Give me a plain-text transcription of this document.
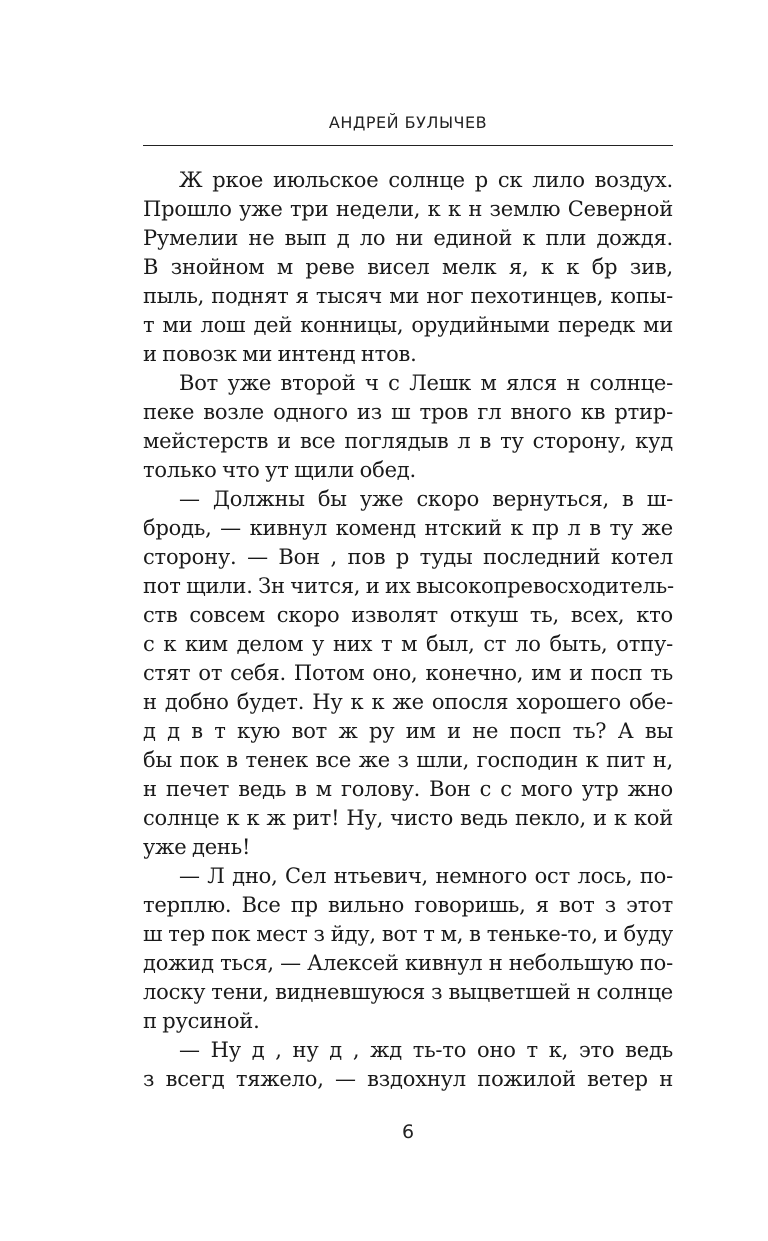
АНДРЕЙ БУЛЫЧЕВ
Ж ркое июльское солнце р ск лило воздух.
Прошло уже три недели, к к н землю Северной
Румелии не вып д ло ни единой к пли дождя.
В знойном м реве висел мелк я, к к бр зив,
пыль, поднят я тысяч ми ног пехотинцев, копы-
т ми лош дей конницы, орудийными передк ми
и повозк ми интенд нтов.
Вот уже второй ч с Лешк м ялся н солнце-
пеке возле одного из ш тров гл вного кв ртир-
мейстерств и все поглядыв л в ту сторону, куд
только что ут щили обед.
— Должны бы уже скоро вернуться, в ш-
бродь, — кивнул коменд нтский к пр л в ту же
сторону. — Вон , пов р туды последний котел
пот щили. Зн чится, и их высокопревосходитель-
ств совсем скоро изволят откуш ть, всех, кто
с к ким делом у них т м был, ст ло быть, отпу-
стят от себя. Потом оно, конечно, им и посп ть
н добно будет. Ну к к же опосля хорошего обе-
д д в т кую вот ж ру им и не посп ть? А вы
бы пок в тенек все же з шли, господин к пит н,
н печет ведь в м голову. Вон с с мого утр жно
солнце к к ж рит! Ну, чисто ведь пекло, и к кой
уже день!
— Л дно, Сел нтьевич, немного ост лось, по-
терплю. Все пр вильно говоришь, я вот з этот
ш тер пок мест з йду, вот т м, в теньке-то, и буду
дожид ться, — Алексей кивнул н небольшую по-
лоску тени, видневшуюся з выцветшей н солнце
п русиной.
— Ну д , ну д , жд ть-то оно т к, это ведь
з всегд тяжело, — вздохнул пожилой ветер н
6
